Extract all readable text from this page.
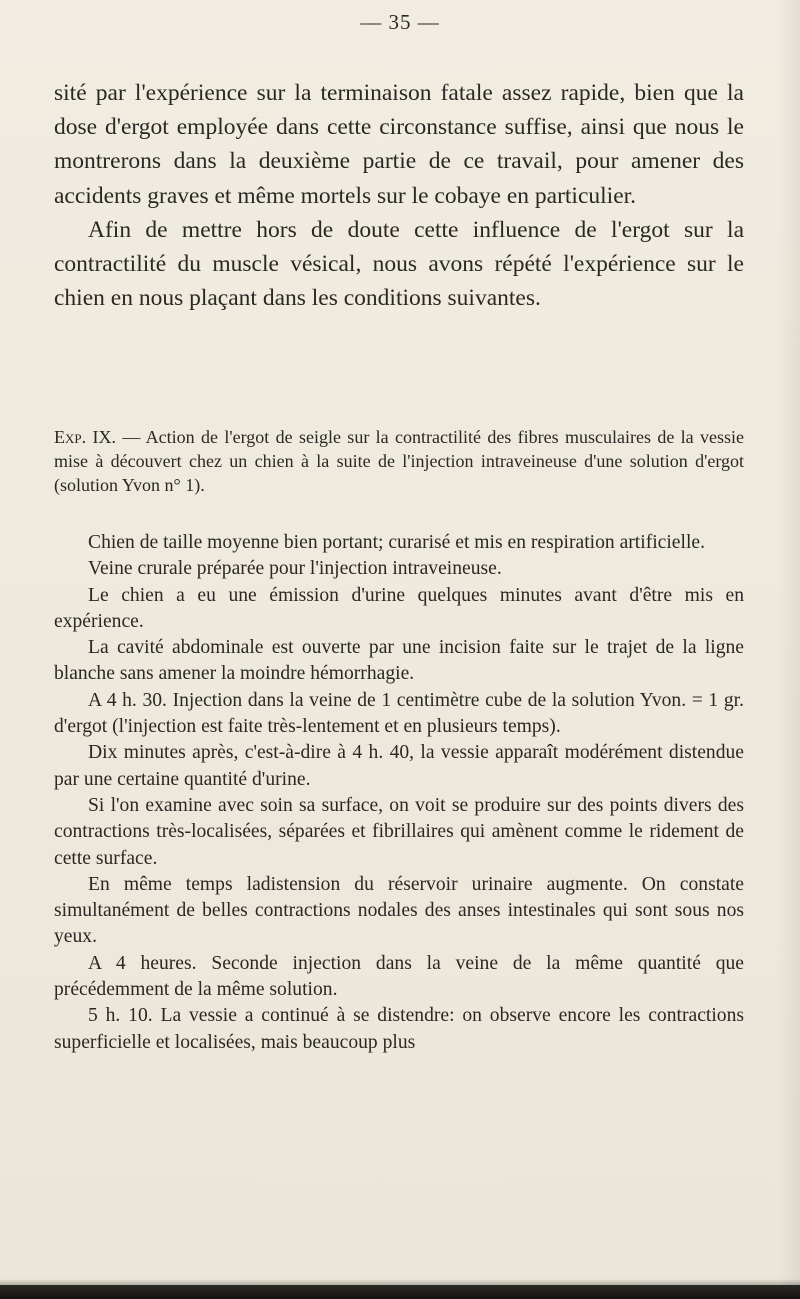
— 35 —

sité par l'expérience sur la terminaison fatale assez rapide, bien que la dose d'ergot employée dans cette circonstance suffise, ainsi que nous le montrerons dans la deuxième partie de ce travail, pour amener des accidents graves et même mortels sur le cobaye en particulier.

Afin de mettre hors de doute cette influence de l'ergot sur la contractilité du muscle vésical, nous avons répété l'expérience sur le chien en nous plaçant dans les conditions suivantes.

Exp. IX. — Action de l'ergot de seigle sur la contractilité des fibres musculaires de la vessie mise à découvert chez un chien à la suite de l'injection intraveineuse d'une solution d'ergot (solution Yvon n° 1).

Chien de taille moyenne bien portant; curarisé et mis en respiration artificielle.

Veine crurale préparée pour l'injection intraveineuse.

Le chien a eu une émission d'urine quelques minutes avant d'être mis en expérience.

La cavité abdominale est ouverte par une incision faite sur le trajet de la ligne blanche sans amener la moindre hémorrhagie.

A 4 h. 30. Injection dans la veine de 1 centimètre cube de la solution Yvon. = 1 gr. d'ergot (l'injection est faite très-lentement et en plusieurs temps).

Dix minutes après, c'est-à-dire à 4 h. 40, la vessie apparaît modérément distendue par une certaine quantité d'urine.

Si l'on examine avec soin sa surface, on voit se produire sur des points divers des contractions très-localisées, séparées et fibrillaires qui amènent comme le ridement de cette surface.

En même temps ladistension du réservoir urinaire augmente. On constate simultanément de belles contractions nodales des anses intestinales qui sont sous nos yeux.

A 4 heures. Seconde injection dans la veine de la même quantité que précédemment de la même solution.

5 h. 10. La vessie a continué à se distendre: on observe encore les contractions superficielle et localisées, mais beaucoup plus
